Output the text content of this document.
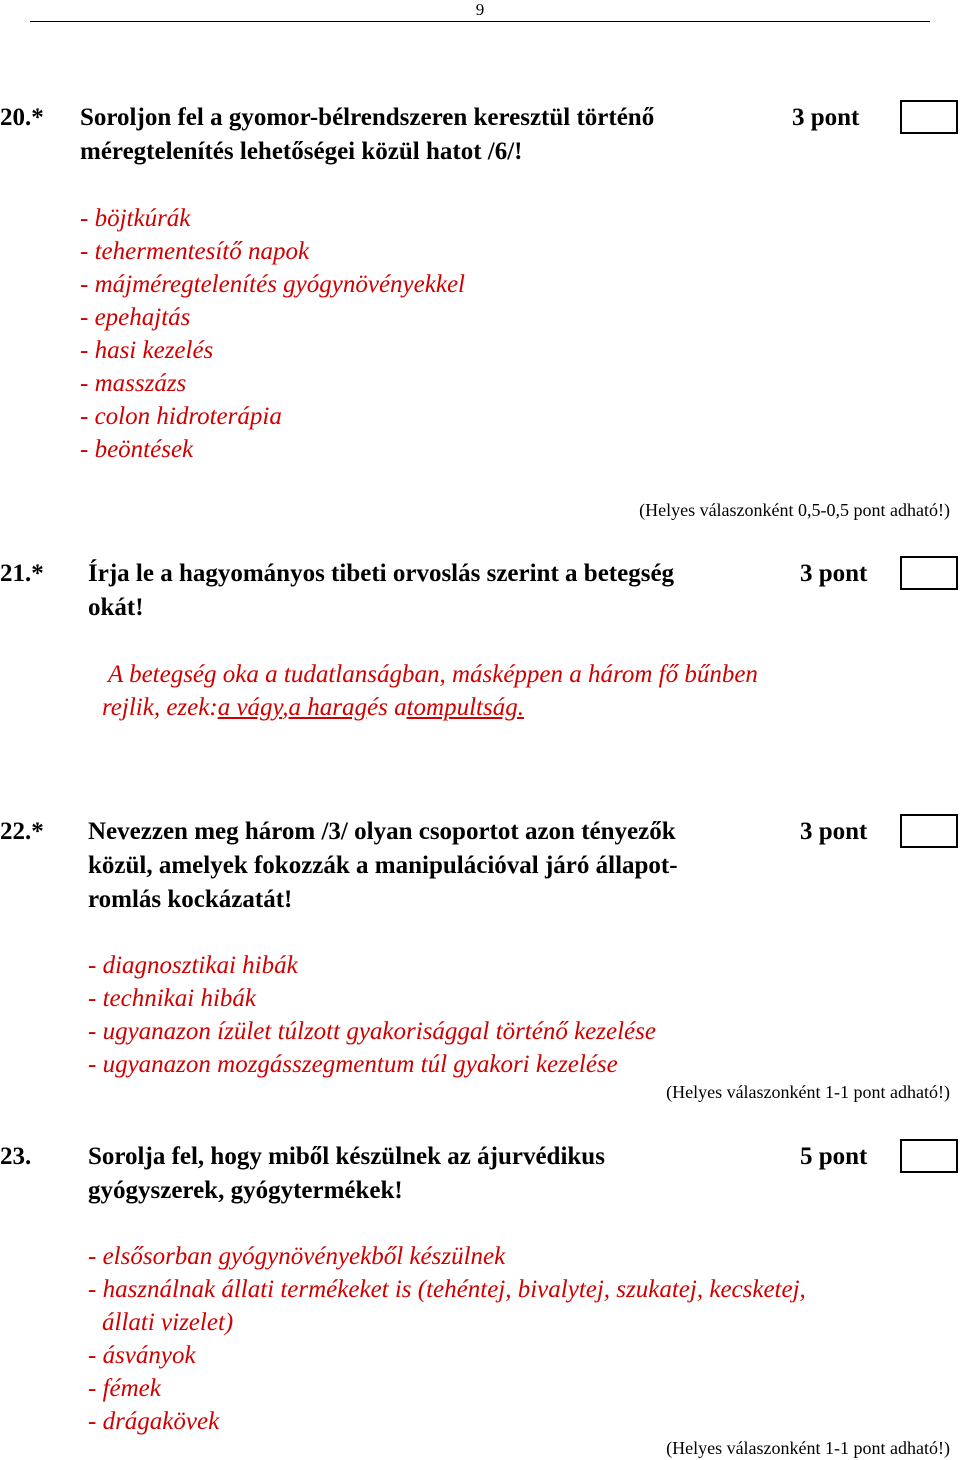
9
20.* Soroljon fel a gyomor-bélrendszeren keresztül történő
méregtelenítés lehetőségei közül hatot /6/!
3 pont
- böjtkúrák
- tehermentesítő napok
- májméregtelenítés gyógynövényekkel
- epehajtás
- hasi kezelés
- masszázs
- colon hidroterápia
- beöntések
(Helyes válaszonként 0,5-0,5 pont adható!)
21.* Írja le a hagyományos tibeti orvoslás szerint a betegség
okát!
3 pont
A betegség oka a tudatlanságban, másképpen a három fő bűnben
rejlik, ezek:a vágy,a haragés atompultság.
22.* Nevezzen meg három /3/ olyan csoportot azon tényezők
közül, amelyek fokozzák a manipulációval járó állapot-
romlás kockázatát!
3 pont
- diagnosztikai hibák
- technikai hibák
- ugyanazon ízület túlzott gyakorisággal történő kezelése
- ugyanazon mozgásszegmentum túl gyakori kezelése
(Helyes válaszonként 1-1 pont adható!)
23. Sorolja fel, hogy miből készülnek az ájurvédikus
gyógyszerek, gyógytermékek!
5 pont
- elsősorban gyógynövényekből készülnek
- használnak állati termékeket is (tehéntej, bivalytej, szukatej, kecsketej,
állati vizelet)
- ásványok
- fémek
- drágakövek
(Helyes válaszonként 1-1 pont adható!)
